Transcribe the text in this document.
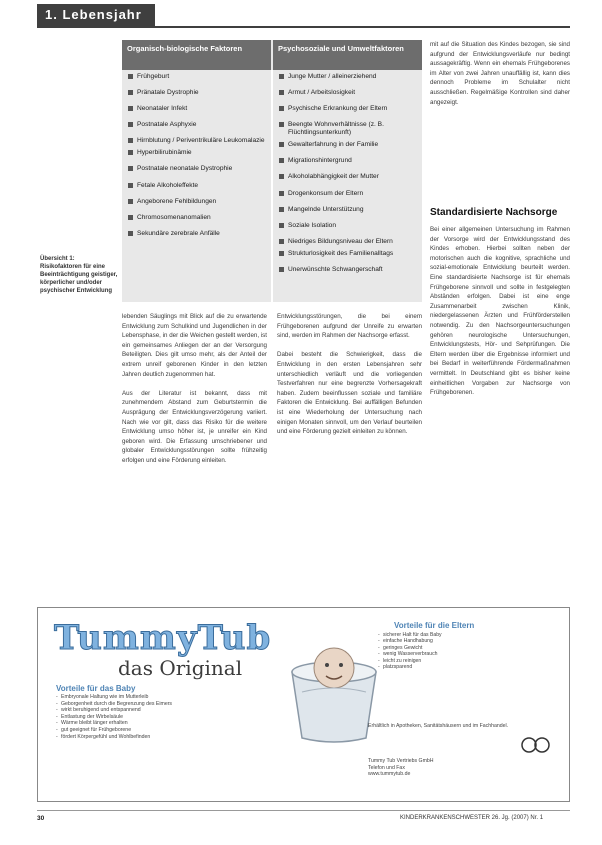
1. Lebensjahr
Übersicht 1: Risikofaktoren für eine Beeinträchtigung geistiger, körperlicher und/oder psychischer Entwicklung
Organisch-biologische Faktoren	Psychosoziale und Umweltfaktoren
Frühgeburt
Pränatale Dystrophie
Neonataler Infekt
Postnatale Asphyxie
Hirnblutung / Periventrikuläre Leukomalazie
Hyperbilirubinämie
Postnatale neonatale Dystrophie
Fetale Alkoholeffekte
Angeborene Fehlbildungen
Chromosomenanomalien
Sekundäre zerebrale Anfälle
Junge Mutter / alleinerziehend
Armut / Arbeitslosigkeit
Psychische Erkrankung der Eltern
Beengte Wohnverhältnisse (z. B. Flüchtlingsunterkunft)
Gewalterfahrung in der Familie
Migrationshintergrund
Alkoholabhängigkeit der Mutter
Drogenkonsum der Eltern
Mangelnde Unterstützung
Soziale Isolation
Niedriges Bildungsniveau der Eltern
Strukturlosigkeit des Familienalltags
Unerwünschte Schwangerschaft

lebenden Säuglings mit Blick auf die zu erwartende Entwicklung zum Schulkind und Jugendlichen in der Lebensphase, in der die Weichen gestellt werden, ist ein gemeinsames Anliegen der an der Versorgung Beteiligten. Dies gilt umso mehr, als der Anteil der extrem unreif geborenen Kinder in den letzten Jahren deutlich zugenommen hat.

Aus der Literatur ist bekannt, dass mit zunehmendem Abstand zum Geburtstermin die Ausprägung der Entwicklungsverzögerung variiert. Nach wie vor gilt, dass das Risiko für die weitere Entwicklung umso höher ist, je unreifer ein Kind geboren wird. Die Erfassung umschriebener und globaler Entwicklungsstörungen sollte frühzeitig erfolgen und eine Förderung einleiten.

Entwicklungsstörungen, die bei einem Frühgeborenen aufgrund der Unreife zu erwarten sind, werden im Rahmen der Nachsorge erfasst.

Dabei besteht die Schwierigkeit, dass die Entwicklung in den ersten Lebensjahren sehr unterschiedlich verläuft und die vorliegenden Testverfahren nur eine begrenzte Vorhersagekraft haben. Zudem beeinflussen soziale und familiäre Faktoren die Entwicklung. Bei auffälligen Befunden ist eine Wiederholung der Untersuchung nach einigen Monaten sinnvoll, um den Verlauf beurteilen und eine Förderung gezielt einleiten zu können.

mit auf die Situation des Kindes bezogen, sie sind aufgrund der Entwicklungsverläufe nur bedingt aussagekräftig. Wenn ein ehemals Frühgeborenes im Alter von zwei Jahren unauffällig ist, kann dies dennoch Probleme im Schulalter nicht ausschließen. Regelmäßige Kontrollen sind daher angezeigt.

Standardisierte Nachsorge

Bei einer allgemeinen Untersuchung im Rahmen der Vorsorge wird der Entwicklungsstand des Kindes erhoben. Hierbei sollten neben der motorischen auch die kognitive, sprachliche und sozial-emotionale Entwicklung beurteilt werden. Eine standardisierte Nachsorge ist für ehemals Frühgeborene sinnvoll und sollte in festgelegten Abständen erfolgen. Dabei ist eine enge Zusammenarbeit zwischen Klinik, niedergelassenen Ärzten und Frühförderstellen notwendig. Zu den Nachsorgeuntersuchungen gehören neurologische Untersuchungen, Entwicklungstests, Hör- und Sehprüfungen. Die Eltern werden über die Ergebnisse informiert und bei Bedarf in weiterführende Fördermaßnahmen vermittelt. In Deutschland gibt es bisher keine einheitlichen Vorgaben zur Nachsorge von Frühgeborenen.

TummyTub
das Original
Vorteile für das Baby
- Embryonale Haltung wie im Mutterleib
- Geborgenheit durch die Begrenzung des Eimers
- wirkt beruhigend und entspannend
- Entlastung der Wirbelsäule
- Wärme bleibt länger erhalten
- gut geeignet für Frühgeborene
- fördert Körpergefühl und Wohlbefinden
Vorteile für die Eltern
- sicherer Halt für das Baby
- einfache Handhabung
- geringes Gewicht
- wenig Wasserverbrauch
- leicht zu reinigen
- platzsparend
Erhältlich in Apotheken, Sanitätshäusern und im Fachhandel.
Tummy Tub Vertriebs GmbH
Telefon und Fax
www.tummytub.de
30	KINDERKRANKENSCHWESTER 26. Jg. (2007) Nr. 1
